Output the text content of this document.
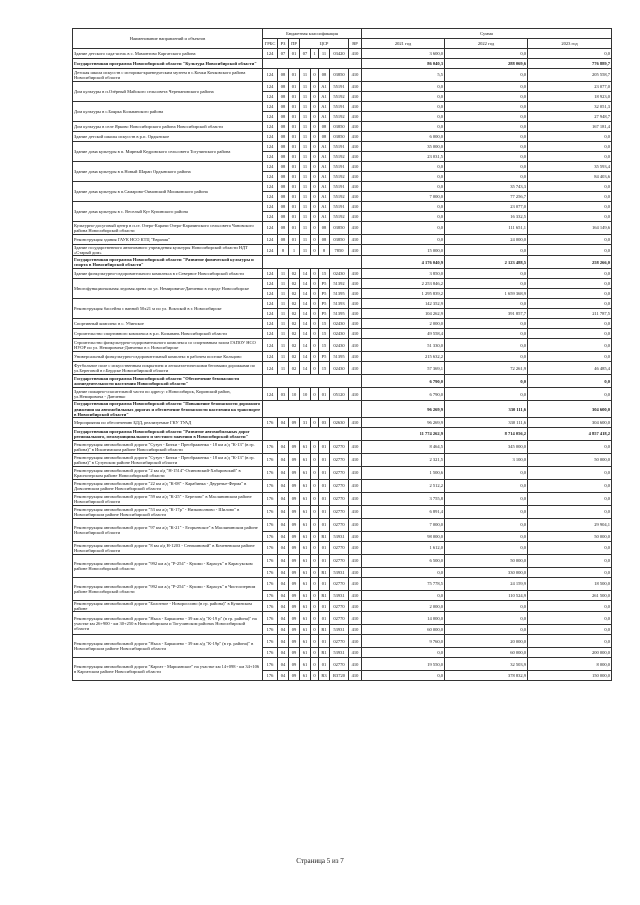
Наименование направлений и объектов	Бюджетная классификация								Сумма		
	ГРБС	РЗ	ПР	ЦСР				ВР	2021 год	2022 год	2023 год
Здание детского сада-ясель в с. Мамонтово Каргатского района	124	07	01	07	1	11	03420	410	3 600,0	0,0	0,0
Государственная программа Новосибирской области "Культура Новосибирской области"									86 040,3	288 069,6	776 889,7
Детская школа искусств с историко-краеведческим музеем в с.Кочки Кочковского района Новосибирской области	124	08	01	11	0	08	03850	410	5,5	0,0	205 558,7
Дом культуры в п.Озёрный Майского сельсовета Черепановского района	124	08	01	11	0	A1	55191	410	0,0	0,0	23 077,0
	124	08	01	11	0	A1	55192	410	0,0	0,0	18 923,0
Дом культуры в с.Боярка Кольванского района	124	08	01	11	0	A1	55191	410	0,0	0,0	32 051,3
	124	08	01	11	0	A1	55192	410	0,0	0,0	27 948,7
Дом культуры в селе Ярково Новосибирского района Новосибирской области	124	08	01	11	0	08	03850	410	0,0	0,0	167 181,4
Здание детской школы искусств в р.п. Ордынское	124	08	01	11	0	08	03850	410	6 000,0	0,0	0,0
Здание дома культуры в п. Мирный Кедровского сельсовета Тогучинского района	124	08	01	11	0	A1	55191	410	35 000,0	0,0	0,0
	124	08	01	11	0	A1	55192	410	23 031,5	0,0	0,0
Здание дома культуры в п.Новый Шарап Ордынского района	124	08	01	11	0	A1	55191	410	0,0	0,0	35 593,4
	124	08	01	11	0	A1	55192	410	0,0	0,0	84 403,6
Здание дома культуры в п.Самарово-Оямовский Мошковского района	124	08	01	11	0	A1	55191	410	0,0	35 743,3	0,0
	124	08	01	11	0	A1	55192	410	7 000,0	77 256,7	0,0
Здание дома культуры в с. Веселый Кут Купинского района	124	08	01	11	0	A1	55191	410	0,0	23 077,0	0,0
	124	08	01	11	0	A1	55192	410	0,0	16 332,5	0,0
Культурно-досуговый центр в п.ст. Озеро-Карачи Озеро-Карачинского сельсовета Чановского района Новосибирской области	124	08	01	11	0	08	03850	410	0,0	111 651,1	164 149,6
Реконструкция здания ГАУК НСО КТЦ "Евразия"	124	08	01	11	0	08	03850	410	0,0	24 000,0	0,0
Здание государственного автономного учреждения культуры Новосибирской области НДТ «Старый дом»	124	8	1	11	0	8	7850	410	15 000,0	0,0	0,0
Государственная программа Новосибирской области "Развитие физической культуры и спорта в Новосибирской области"									4 176 040,9	2 123 488,5	258 266,0
Здание физкультурно-оздоровительного комплекса в г.Северное Новосибирской области	124	11	02	14	0	15	02430	410	3 850,0	0,0	0,0
Многофункциональная ледовая арена по ул. Немировича-Данченко в городе Новосибирске	124	11	02	14	0	P5	51392	410	2 253 846,2	0,0	0,0
	124	11	02	14	0	P5	51395	410	1 295 839,2	1 659 368,9	0,0
Реконструкция бассейна с ванной 50х21 м по ул. Вокзской в г. Новосибирске	124	11	02	14	0	P5	51393	410	142 352,9	0,0	0,0
	124	11	02	14	0	P5	51395	410	104 262,9	391 857,7	211 787,5
Спортивный комплекс в с. Убинское	124	11	02	14	0	15	02430	410	2 000,0	0,0	0,0
Строительство спортивного комплекса в р.п. Колывань Новосибирской области	124	11	02	14	0	15	02430	410	49 558,4	0,0	0,0
Строительство физкультурно-оздоровительного комплекса со спортивным залом ГАПОУ НСО НУОР по ул. Немировича-Данченко в г. Новосибирске	124	11	02	14	0	15	02430	410	51 330,0	0,0	0,0
Универсальный физкультурно-оздоровительный комплекс в рабочем поселке Кольцово	124	11	02	14	0	P5	51395	410	215 632,2	0,0	0,0
Футбольное поле с искусственным покрытием и легкоатлетическими беговыми дорожками по ул.Береговой в г.Бердске Новосибирской области	124	11	02	14	0	15	02430	410	57 369,1	72 261,9	46 485,4
Государственная программа Новосибирской области "Обеспечение безопасности жизнедеятельности населения Новосибирской области"									6 790,0	0,0	0,0
Здание пожарно-спасательной части по адресу: г.Новосибирск, Кировский район, ул.Немировича - Данченко	124	03	10	10	0	01	05120	410	6 790,0	0,0	0,0
Государственная программа Новосибирской области "Повышение безопасности дорожного движения на автомобильных дорогах и обеспечение безопасности населения на транспорте в Новосибирской области"									96 269,9	330 111,6	304 600,0
Мероприятия по обеспечению БДД, реализуемые ГКУ ТУАД	176	04	09	31	0	03	02630	410	96 269,9	330 111,6	304 600,0
Государственная программа Новосибирской области "Развитие автомобильных дорог регионального, межмуниципального и местного значения в Новосибирской области"									11 774 262,9	8 714 056,2	4 857 418,2
Реконструкция автомобильной дороги "Сузун - Битки - Преображенка - 18 км а/д "К-13" (в гр. района)" в Искитимском районе Новосибирской области	176	04	09	61	0	01	02770	410	8 464,5	345 000,0	0,0
Реконструкция автомобильной дороги "Сузун - Битки - Преображенка - 18 км а/д "К-13" (в гр. района)" в Сузунском районе Новосибирской области	176	04	09	61	0	01	02770	410	2 321,5	3 100,0	50 000,0
Реконструкция автомобильной дороги "2 км а/д "Н-1514"-Осиновский-Хабаровский" в Краснозерском районе Новосибирской области	176	04	09	61	0	01	02770	410	1 500,6	0,0	0,0
Реконструкция автомобильной дороги "22 км а/д "К-08" - Карабинка - Двуречье-Ферма" в Доволенском районе Новосибирской области	176	04	09	61	0	01	02770	410	2 512,2	0,0	0,0
Реконструкция автомобильной дороги "59 км а/д "К-25" - Березово" в Маслянинском районе Новосибирской области	176	04	09	61	0	01	02770	410	3 755,8	0,0	0,0
Реконструкция автомобильной дороги "53 км а/д "К-17р" - Низковолново - Шилово" в Новосибирском районе Новосибирской области	176	04	09	61	0	01	02770	410	6 891,4	0,0	0,0
Реконструкция автомобильной дороги "97 км а/д "К-21" - Егорьевское" в Маслянинском районе Новосибирской области	176	04	09	61	0	01	02770	410	7 000,0	0,0	29 904,1
	176	04	09	61	0	R1	53931	410	98 000,0	0,0	50 000,0
Реконструкция автомобильной дороги "8 км а/д Н-1203 - Сеньчиновой" в Коченевском районе Новосибирской области	176	04	09	61	0	01	02770	410	1 612,0	0,0	0,0
Реконструкция автомобильной дороги "992 км а/д "Р-254" - Кушмо - Карасук" в Карасукском районе Новосибирской области	176	04	09	61	0	01	02770	410	6 500,0	50 000,0	0,0
	176	04	09	61	0	R1	53931	410	0,0	330 000,0	0,0
Реконструкция автомобильной дороги "992 км а/д "Р-254" - Кушмо - Карасук" в Чистоозерном районе Новосибирской области	176	04	09	61	0	01	02770	410	75 778,5	24 159,9	18 500,0
	176	04	09	61	0	R1	53931	410	0,0	110 524,9	261 500,0
Реконструкция автомобильной дороги "Болотное - Новороссино (в гр. района)" в Купинском районе	176	04	09	61	0	01	02770	410	2 000,0	0,0	0,0
Реконструкция автомобильной дороги "Ныса - Барышево - 39 км а/д "К-19 р" (в гр. района)" на участке км 26+900 - км 30+250 в Новосибирском и Тогучинском районах Новосибирской области	176	04	09	61	0	01	02770	410	14 000,0	0,0	0,0
	176	04	09	61	0	R1	53931	410	60 000,0	0,0	0,0
Реконструкция автомобильной дороги "Ныса - Барышево - 39 км а/д "К-19р" (в гр. района)" в Новосибирском районе Новосибирской области	176	04	09	61	0	01	02770	410	9 760,0	20 000,0	0,0
	176	04	09	61	0	R1	53931	410	0,0	60 000,0	200 000,0
Реконструкция автомобильной дороги "Каргат - Маршанское" на участке км 14+098 - км 34+106 в Каргатском районе Новосибирской области	176	04	09	61	0	01	02770	410	19 550,0	32 503,9	8 000,0
	176	04	09	61	0	R3	R3720	410	0,0	378 832,9	150 000,0
Страница 5 из 7
